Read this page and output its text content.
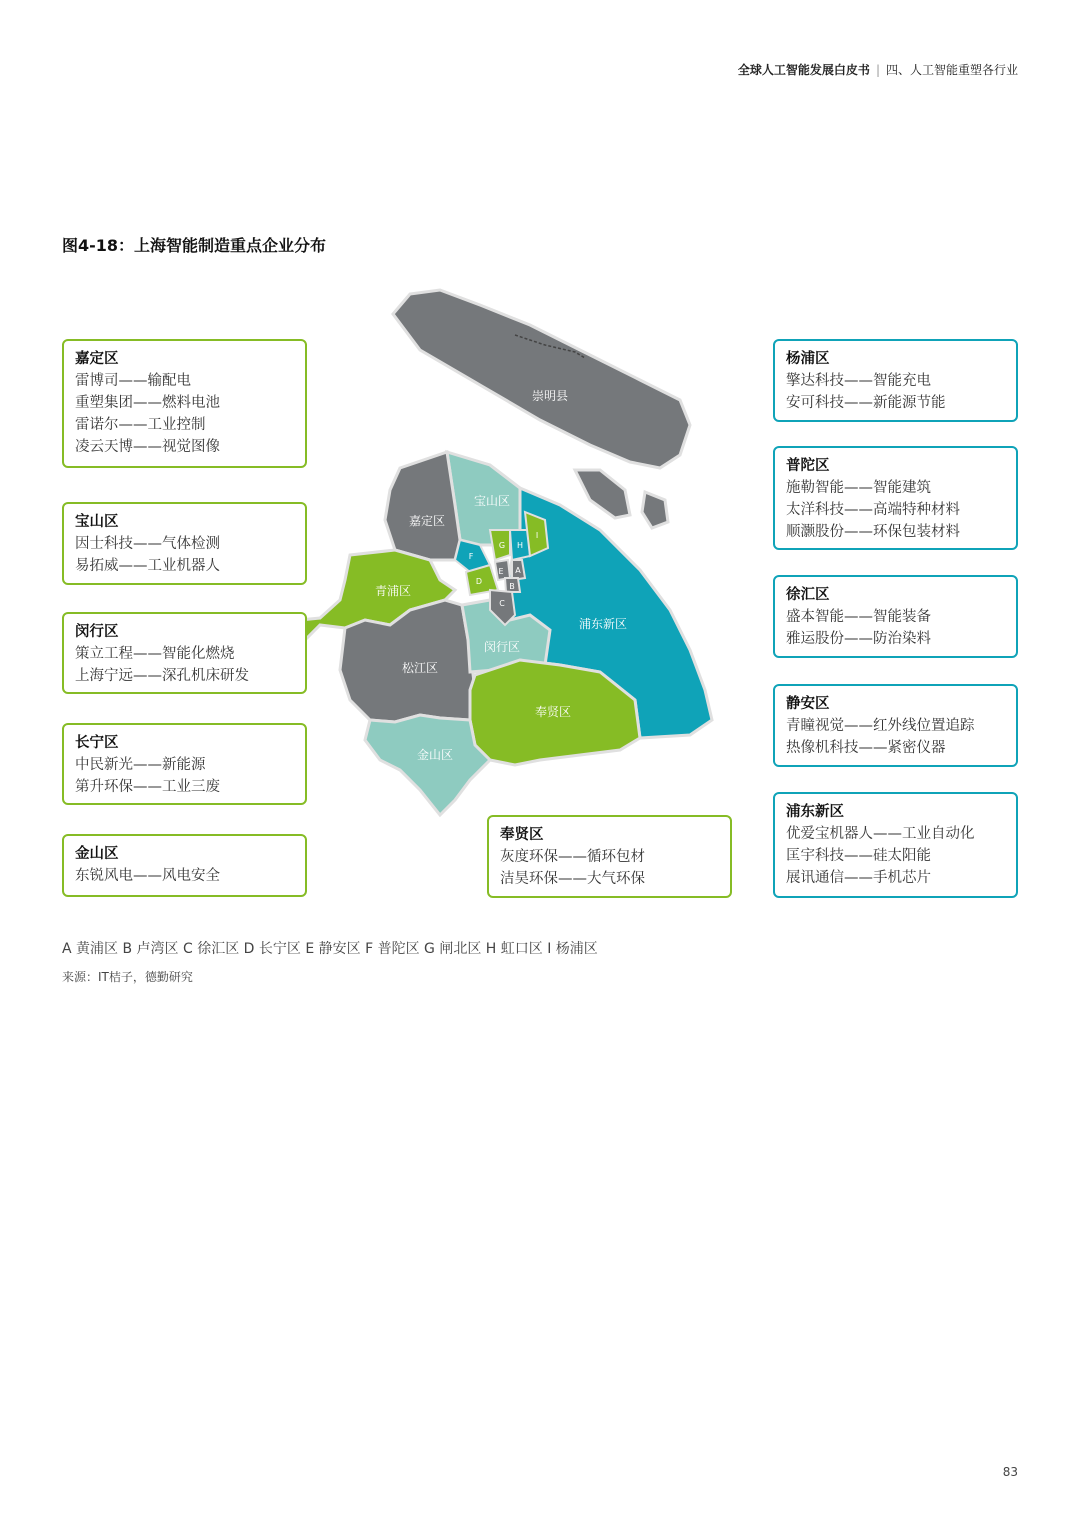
全球人工智能发展白皮书 | 四、人工智能重塑各行业
图4-18：上海智能制造重点企业分布
崇明县
嘉定区
宝山区
青浦区
松江区
闵行区
浦东新区
奉贤区
金山区
A
B
C
D
E
F
G H
I
嘉定区
雷博司——输配电
重塑集团——燃料电池
雷诺尔——工业控制
凌云天博——视觉图像
宝山区
因士科技——气体检测
易拓威——工业机器人
闵行区
策立工程——智能化燃烧
上海宁远——深孔机床研发
长宁区
中民新光——新能源
第升环保——工业三废
金山区
东锐风电——风电安全
奉贤区
灰度环保——循环包材
洁昊环保——大气环保
杨浦区
擎达科技——智能充电
安可科技——新能源节能
普陀区
施勒智能——智能建筑
太洋科技——高端特种材料
顺灏股份——环保包装材料
徐汇区
盛本智能——智能装备
雅运股份——防治染料
静安区
青瞳视觉——红外线位置追踪
热像机科技——紧密仪器
浦东新区
优爱宝机器人——工业自动化
匡宇科技——硅太阳能
展讯通信——手机芯片
A 黄浦区 B 卢湾区 C 徐汇区 D 长宁区 E 静安区 F 普陀区 G 闸北区 H 虹口区 I 杨浦区
来源：IT桔子，德勤研究
83
